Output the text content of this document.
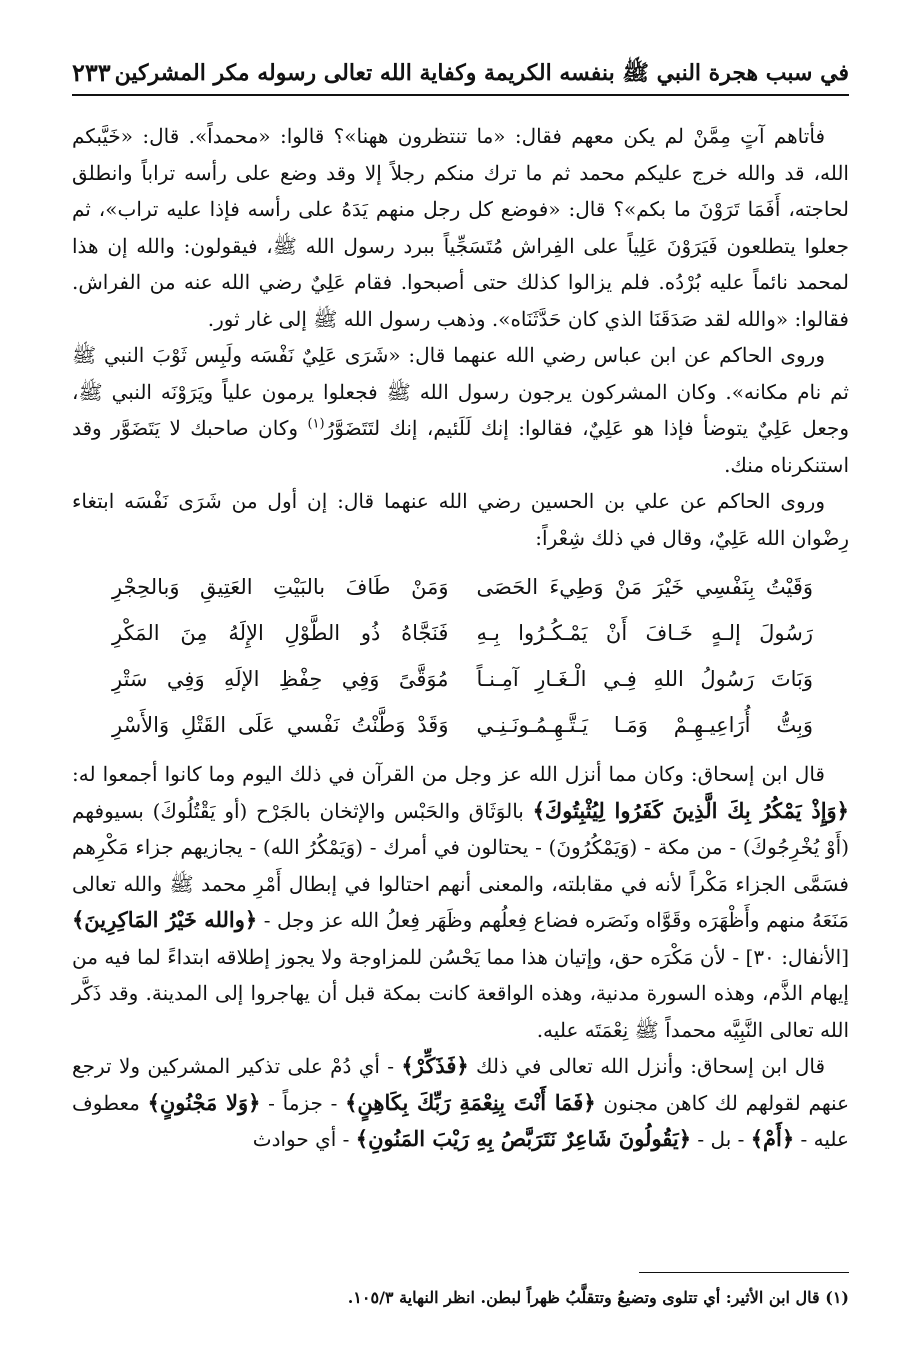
في سبب هجرة النبي ﷺ بنفسه الكريمة وكفاية الله تعالى رسوله مكر المشركين
٢٣٣

فأتاهم آتٍ مِمَّنْ لم يكن معهم فقال: «ما تنتظرون ههنا»؟ قالوا: «محمداً». قال: «خَيَّبكم الله، قد والله خرج عليكم محمد ثم ما ترك منكم رجلاً إلا وقد وضع على رأسه تراباً وانطلق لحاجته، أَفَمَا تَرَوْنَ ما بكم»؟ قال: «فوضع كل رجل منهم يَدَهُ على رأسه فإذا عليه تراب»، ثم جعلوا يتطلعون فَيَرَوْنَ عَلِياً على الفِراش مُتَسَجِّياً ببرد رسول الله ﷺ، فيقولون: والله إن هذا لمحمد نائماً عليه بُرْدُه. فلم يزالوا كذلك حتى أصبحوا. فقام عَلِيٌ رضي الله عنه من الفراش. فقالوا: «والله لقد صَدَقَنَا الذي كان حَدَّثَنَاه». وذهب رسول الله ﷺ إلى غار ثور.

وروى الحاكم عن ابن عباس رضي الله عنهما قال: «شَرَى عَلِيٌ نَفْسَه ولَبِس ثَوْبَ النبي ﷺ ثم نام مكانه». وكان المشركون يرجون رسول الله ﷺ فجعلوا يرمون علياً ويَرَوْنَه النبي ﷺ، وجعل عَلِيٌ يتوضأ فإذا هو عَلِيٌ، فقالوا: إنك لَلَئيم، إنك لتَتَضَوَّرُ$^{(١)}$ وكان صاحبك لا يَتَضَوَّر وقد استنكرناه منك.

وروى الحاكم عن علي بن الحسين رضي الله عنهما قال: إن أول من شَرَى نَفْسَه ابتغاء رِضْوان الله عَلِيٌ، وقال في ذلك شِعْراً:

وَقَيْتُ بِنَفْسِي خَيْرَ مَنْ وَطِيءَ الحَصَى
وَمَنْ طَافَ بالبَيْتِ العَتِيقِ وَبالحِجْرِ
رَسُولَ إلـهٍ خَـافَ أَنْ يَمْـكُـرُوا بِـهِ
فَنَجَّاهُ ذُو الطَّوْلِ الإِلَهُ مِنَ المَكْرِ
وَبَاتَ رَسُولُ اللهِ فِـي الْـغَـارِ آمِـنـاً
مُوَقَّىً وَفِي حِفْظِ الإلَهِ وَفِي سَتْرِ
وَبِتُّ أُرَاعِيـهِـمْ وَمَـا يَـتَّـهِـمُـونَـنِـي
وَقَدْ وَطَّنْتُ نَفْسي عَلَى القَتْلِ وَالأَسْرِ

قال ابن إسحاق: وكان مما أنزل الله عز وجل من القرآن في ذلك اليوم وما كانوا أجمعوا له: ﴿وَإِذْ يَمْكُرُ بِكَ الَّذِينَ كَفَرُوا لِيُثْبِتُوكَ﴾ بالوَثَاق والحَبْس والإثخان بالجَرْح (أو يَقْتُلُوكَ) بسيوفهم (أَوْ يُخْرِجُوكَ) - من مكة - (وَيَمْكُرُونَ) - يحتالون في أمرك - (وَيَمْكُرُ الله) - يجازيهم جزاء مَكْرِهم فسَمَّى الجزاء مَكْراً لأنه في مقابلته، والمعنى أنهم احتالوا في إبطال أَمْرِ محمد ﷺ والله تعالى مَنَعَهُ منهم وأَظْهَرَه وقَوَّاه ونَصَره فضاع فِعلُهم وظَهَر فِعلُ الله عز وجل - ﴿والله خَيْرُ المَاكِرِينَ﴾ [الأنفال: ٣٠] - لأن مَكْرَه حق، وإتيان هذا مما يَحْسُن للمزاوجة ولا يجوز إطلاقه ابتداءً لما فيه من إيهام الذَّم، وهذه السورة مدنية، وهذه الواقعة كانت بمكة قبل أن يهاجروا إلى المدينة. وقد ذَكَّر الله تعالى النَّبِيَّه محمداً ﷺ نِعْمَتَه عليه.

قال ابن إسحاق: وأنزل الله تعالى في ذلك ﴿فَذَكِّرْ﴾ - أي دُمْ على تذكير المشركين ولا ترجع عنهم لقولهم لك كاهن مجنون ﴿فَمَا أَنْتَ بِنِعْمَةِ رَبِّكَ بِكَاهِنٍ﴾ - جزماً - ﴿وَلا مَجْنُونٍ﴾ معطوف عليه - ﴿أَمْ﴾ - بل - ﴿يَقُولُونَ شَاعِرٌ نَتَرَبَّصُ بِهِ رَيْبَ المَنُونِ﴾ - أي حوادث

(١) قال ابن الأثير: أي تتلوى وتضيعُ وتتقلَّبُ ظهراً لبطن. انظر النهاية ١٠٥/٣.
